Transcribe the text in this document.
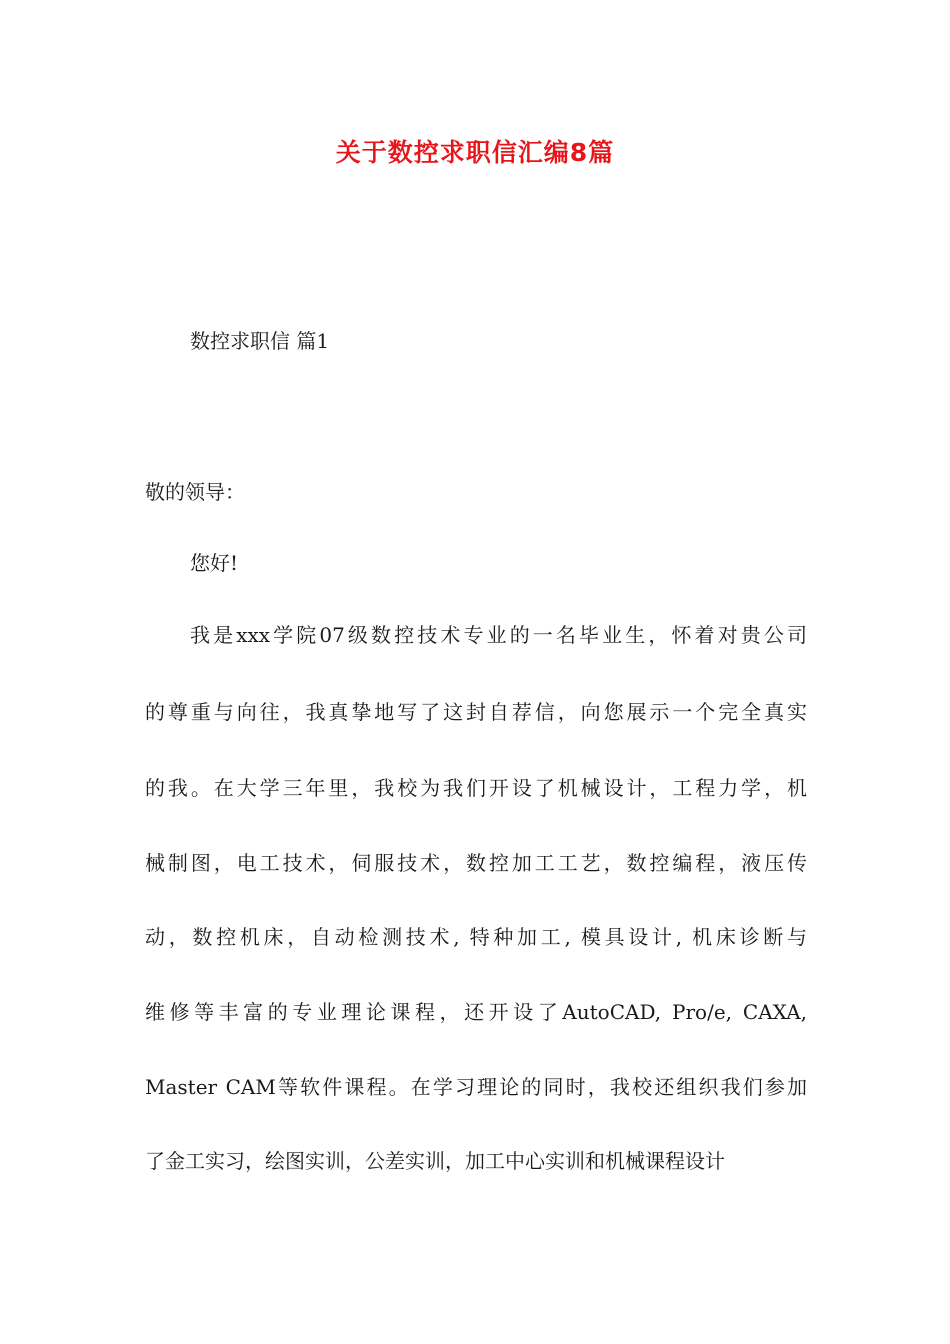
关于数控求职信汇编8篇
数控求职信 篇1
敬的领导：
您好!
我是xxx学院07级数控技术专业的一名毕业生，怀着对贵公司
的尊重与向往，我真挚地写了这封自荐信，向您展示一个完全真实
的我。在大学三年里，我校为我们开设了机械设计，工程力学，机
械制图，电工技术，伺服技术，数控加工工艺，数控编程，液压传
动，数控机床，自动检测技术, 特种加工, 模具设计, 机床诊断与
维修等丰富的专业理论课程，还开设了AutoCAD, Pro/e, CAXA,
Master CAM等软件课程。在学习理论的同时，我校还组织我们参加
了金工实习，绘图实训，公差实训，加工中心实训和机械课程设计
